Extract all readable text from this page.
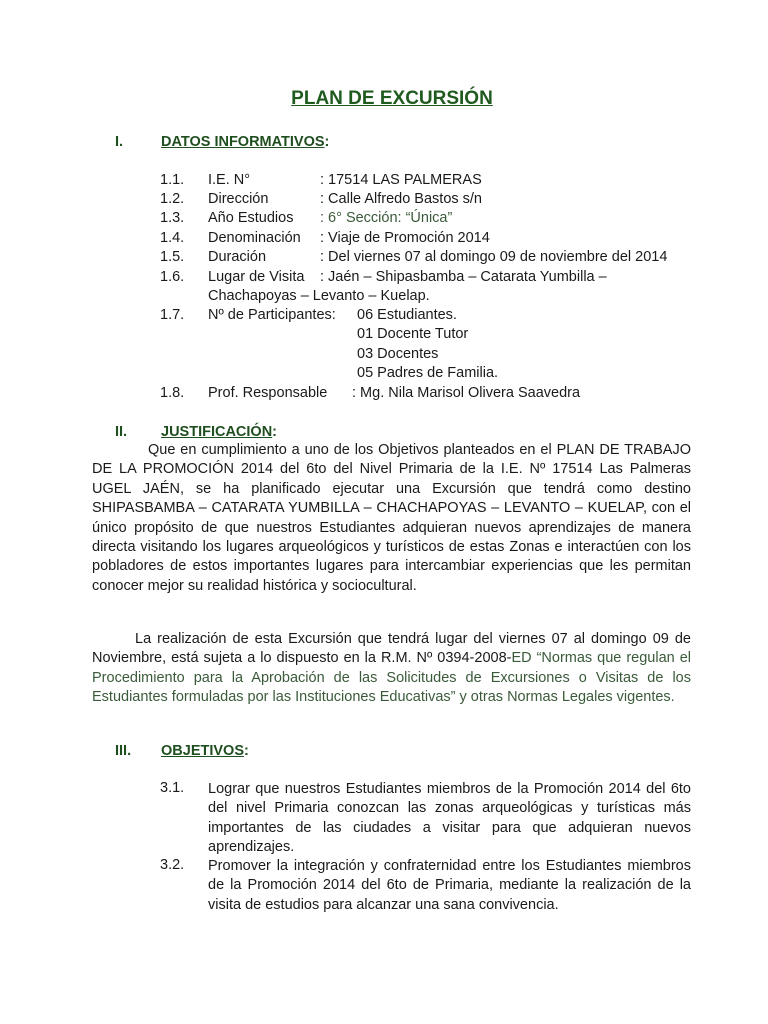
PLAN DE EXCURSIÓN
I.	DATOS INFORMATIVOS:
1.1. I.E. N°	: 17514 LAS PALMERAS
1.2. Dirección	: Calle Alfredo Bastos s/n
1.3. Año Estudios : 6° Sección: “Única”
1.4. Denominación : Viaje de Promoción 2014
1.5. Duración	: Del viernes 07 al domingo 09 de noviembre del 2014
1.6. Lugar de Visita : Jaén – Shipasbamba – Catarata Yumbilla –
Chachapoyas – Levanto – Kuelap.
1.7. Nº de Participantes: 06 Estudiantes.
01 Docente Tutor
03 Docentes
05 Padres de Familia.
1.8. Prof. Responsable : Mg. Nila Marisol Olivera Saavedra
II. JUSTIFICACIÓN:
Que en cumplimiento a uno de los Objetivos planteados en el PLAN DE TRABAJO DE LA PROMOCIÓN 2014 del 6to del Nivel Primaria de la I.E. Nº 17514 Las Palmeras UGEL JAÉN, se ha planificado ejecutar una Excursión que tendrá como destino SHIPASBAMBA – CATARATA YUMBILLA – CHACHAPOYAS – LEVANTO – KUELAP, con el único propósito de que nuestros Estudiantes adquieran nuevos aprendizajes de manera directa visitando los lugares arqueológicos y turísticos de estas Zonas e interactúen con los pobladores de estos importantes lugares para intercambiar experiencias que les permitan conocer mejor su realidad histórica y sociocultural.
La realización de esta Excursión que tendrá lugar del viernes 07 al domingo 09 de Noviembre, está sujeta a lo dispuesto en la R.M. Nº 0394-2008-ED “Normas que regulan el Procedimiento para la Aprobación de las Solicitudes de Excursiones o Visitas de los Estudiantes formuladas por las Instituciones Educativas” y otras Normas Legales vigentes.
III. OBJETIVOS:
3.1. Lograr que nuestros Estudiantes miembros de la Promoción 2014 del 6to del nivel Primaria conozcan las zonas arqueológicas y turísticas más importantes de las ciudades a visitar para que adquieran nuevos aprendizajes.
3.2. Promover la integración y confraternidad entre los Estudiantes miembros de la Promoción 2014 del 6to de Primaria, mediante la realización de la visita de estudios para alcanzar una sana convivencia.
